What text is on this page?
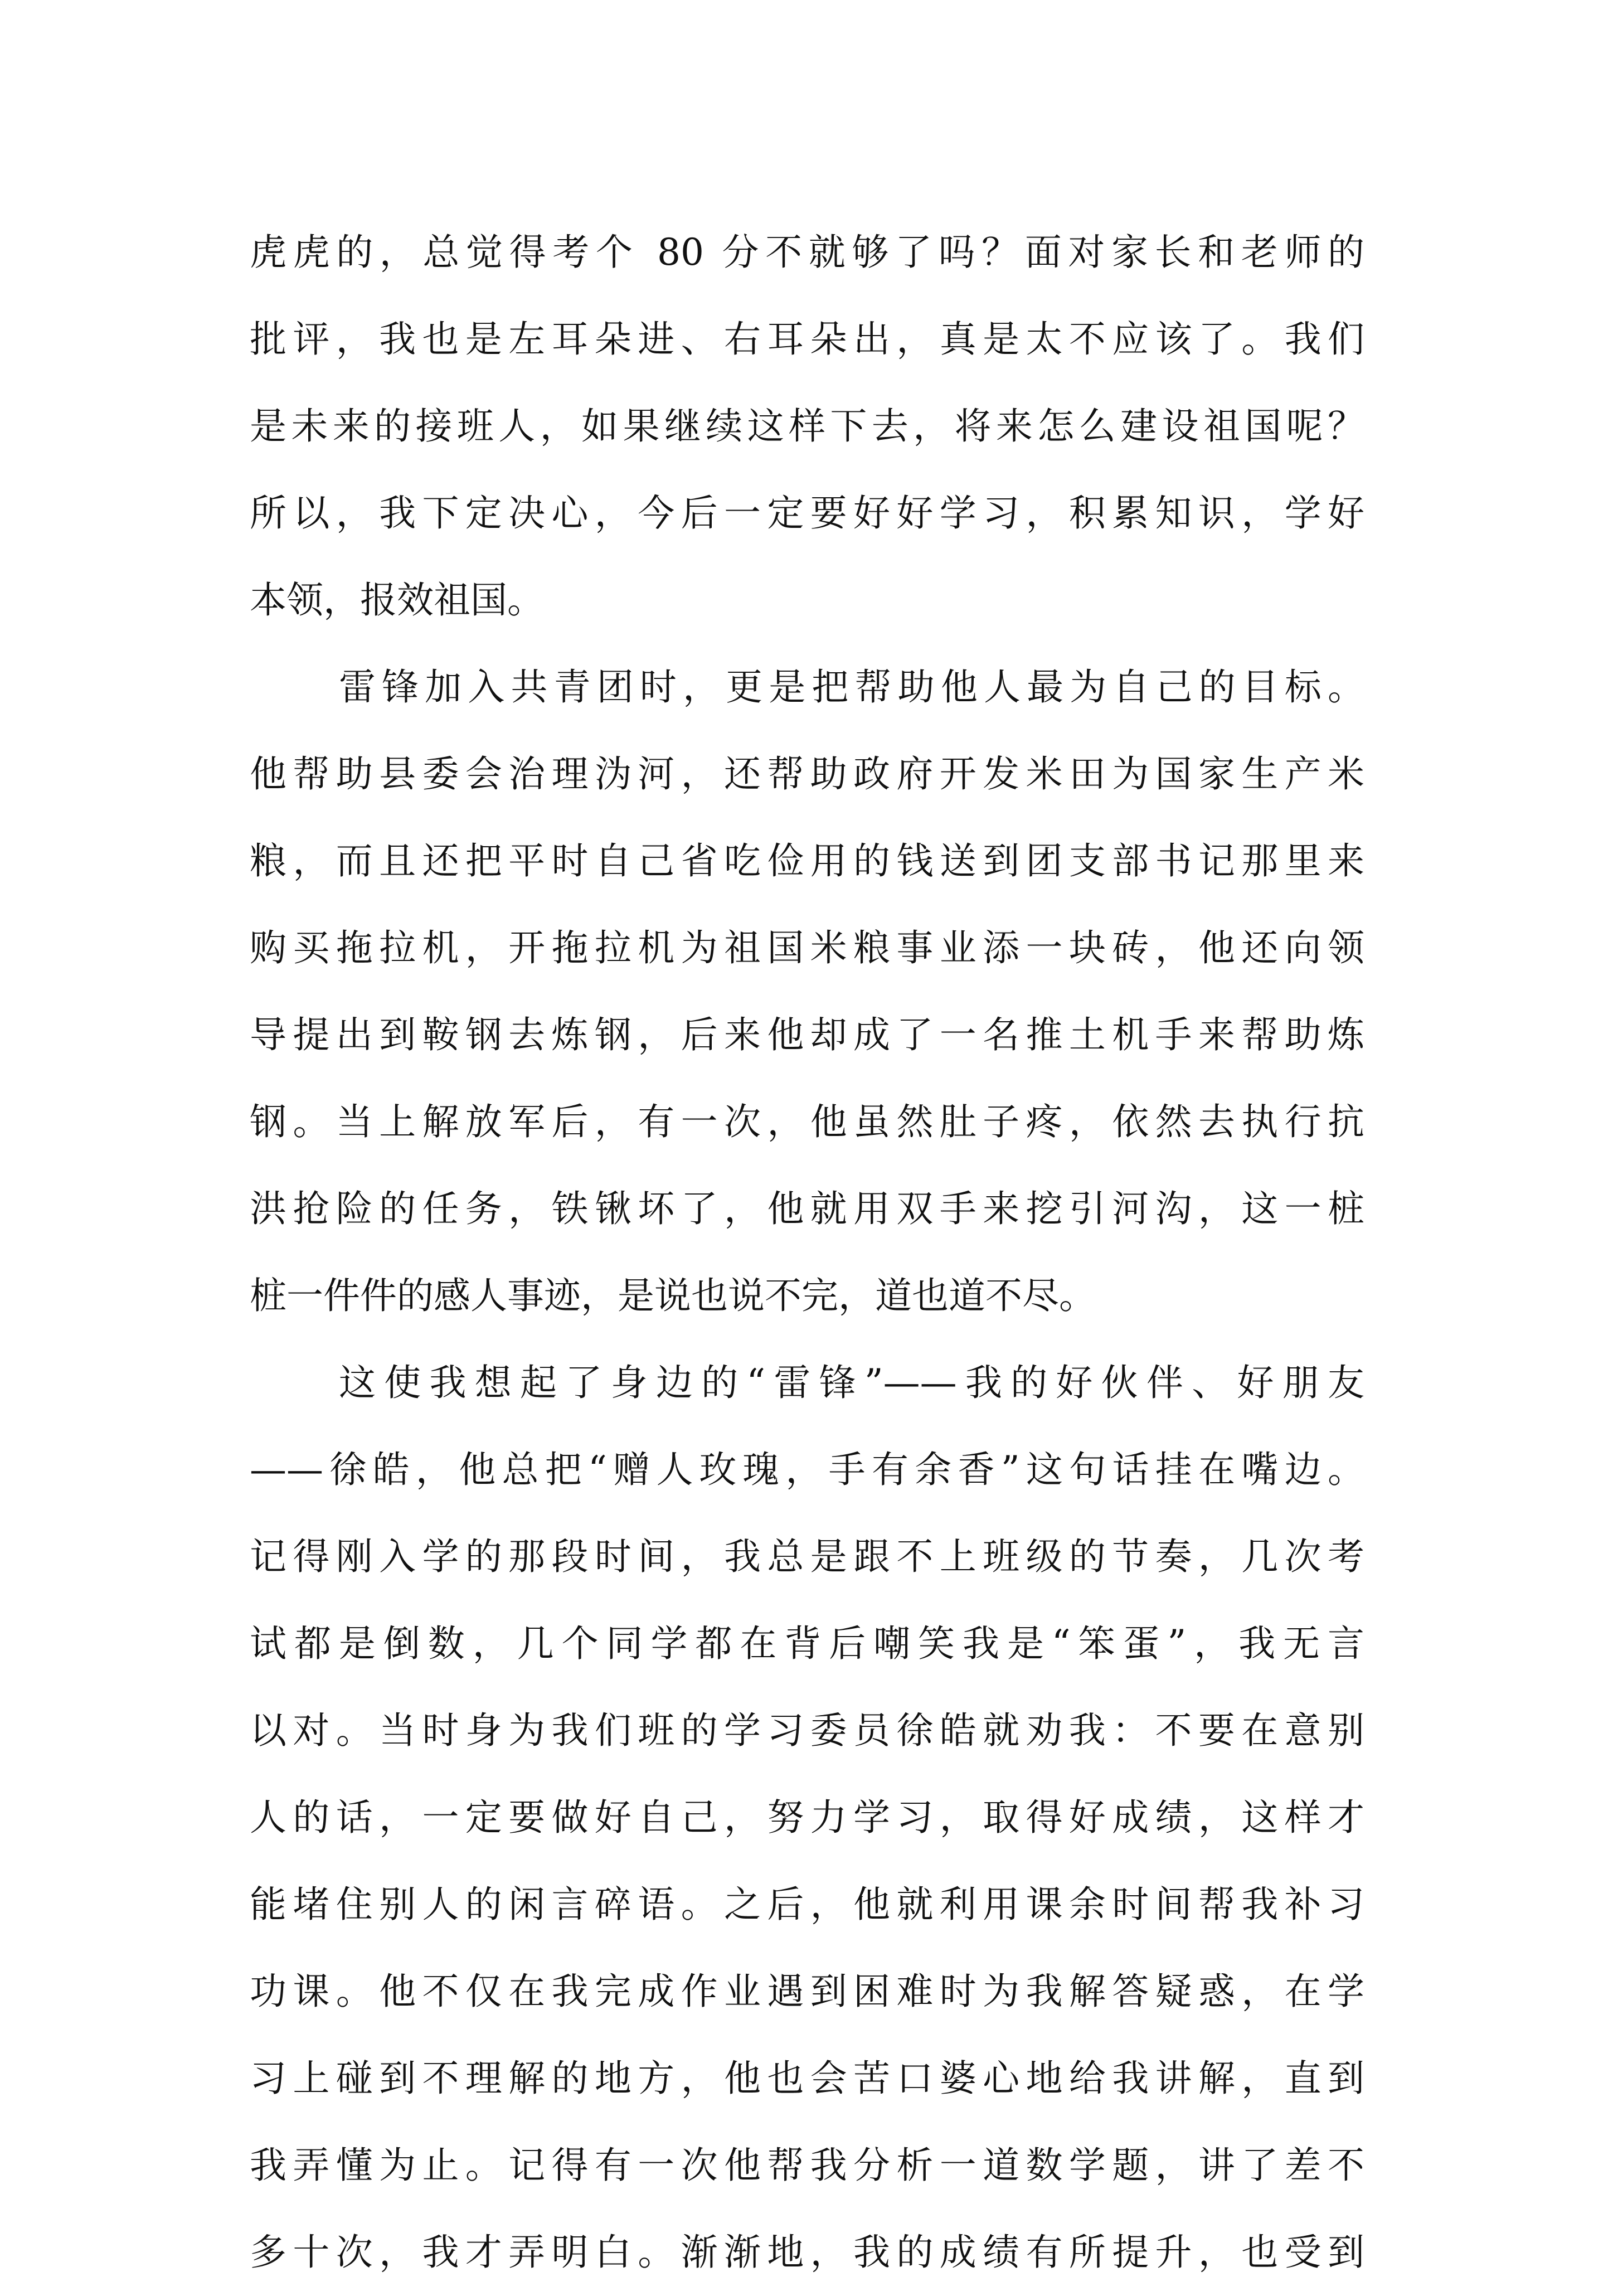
虎虎的，总觉得考个 80 分不就够了吗？面对家长和老师的
批评，我也是左耳朵进、右耳朵出，真是太不应该了。我们
是未来的接班人，如果继续这样下去，将来怎么建设祖国呢？
所以，我下定决心，今后一定要好好学习，积累知识，学好
本领，报效祖国。

雷锋加入共青团时，更是把帮助他人最为自己的目标。
他帮助县委会治理沩河，还帮助政府开发米田为国家生产米
粮，而且还把平时自己省吃俭用的钱送到团支部书记那里来
购买拖拉机，开拖拉机为祖国米粮事业添一块砖，他还向领
导提出到鞍钢去炼钢，后来他却成了一名推土机手来帮助炼
钢。当上解放军后，有一次，他虽然肚子疼，依然去执行抗
洪抢险的任务，铁锹坏了，他就用双手来挖引河沟，这一桩
桩一件件的感人事迹，是说也说不完，道也道不尽。

这使我想起了身边的“雷锋”——我的好伙伴、好朋友
——徐皓，他总把“赠人玫瑰，手有余香”这句话挂在嘴边。
记得刚入学的那段时间，我总是跟不上班级的节奏，几次考
试都是倒数，几个同学都在背后嘲笑我是“笨蛋”，我无言
以对。当时身为我们班的学习委员徐皓就劝我：不要在意别
人的话，一定要做好自己，努力学习，取得好成绩，这样才
能堵住别人的闲言碎语。之后，他就利用课余时间帮我补习
功课。他不仅在我完成作业遇到困难时为我解答疑惑，在学
习上碰到不理解的地方，他也会苦口婆心地给我讲解，直到
我弄懂为止。记得有一次他帮我分析一道数学题，讲了差不
多十次，我才弄明白。渐渐地，我的成绩有所提升，也受到
